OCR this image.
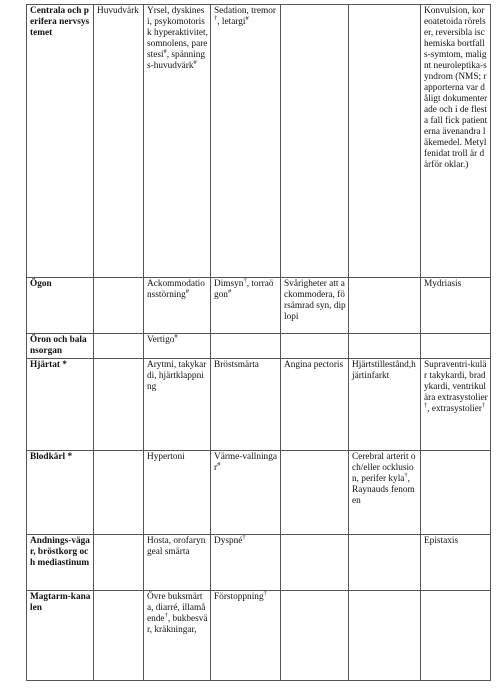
Centrala och perifera nervsystemet	Huvudvärk	Yrsel, dyskinesi, psykomotorisk hyperaktivitet, somnolens, parestesi#, spännings-huvudvärk#	Sedation, tremor†, letargi#			Konvulsion, koreoatetoida rörelser, reversibla ischemiska bortfalls-symtom, malignt neuroleptika-syndrom (NMS; rapporterna var dåligt dokumenterade och i de flesta fall fick patienterna ävenandra läkemedel. Metylfenidat troll är därför oklar.)
Ögon		Ackommodationsstörning#	Dimsyn†, torraögon#	Svårigheter att ackommodera, försämrad syn, diplopi		Mydriasis
Öron och balansorgan		Vertigo#				
Hjärtat *		Arytmi, takykardi, hjärtklappning	Bröstsmärta	Angina pectoris	Hjärtstillestånd,hjärtinfarkt	Supraventri-kulär takykardi, bradykardi, ventrikulära extrasystolier†, extrasystolier†
Blodkärl *		Hypertoni	Värme-vallningar#		Cerebral arterit och/eller ocklusion, perifer kyla†, Raynauds fenomen	
Andnings-vägar, bröstkorg och mediastinum		Hosta, orofaryngeal smärta	Dyspné†			Epistaxis
Magtarm-kanalen		Övre buksmärta, diarré, illamående†, bukbesvär, kräkningar,	Förstoppning†			
